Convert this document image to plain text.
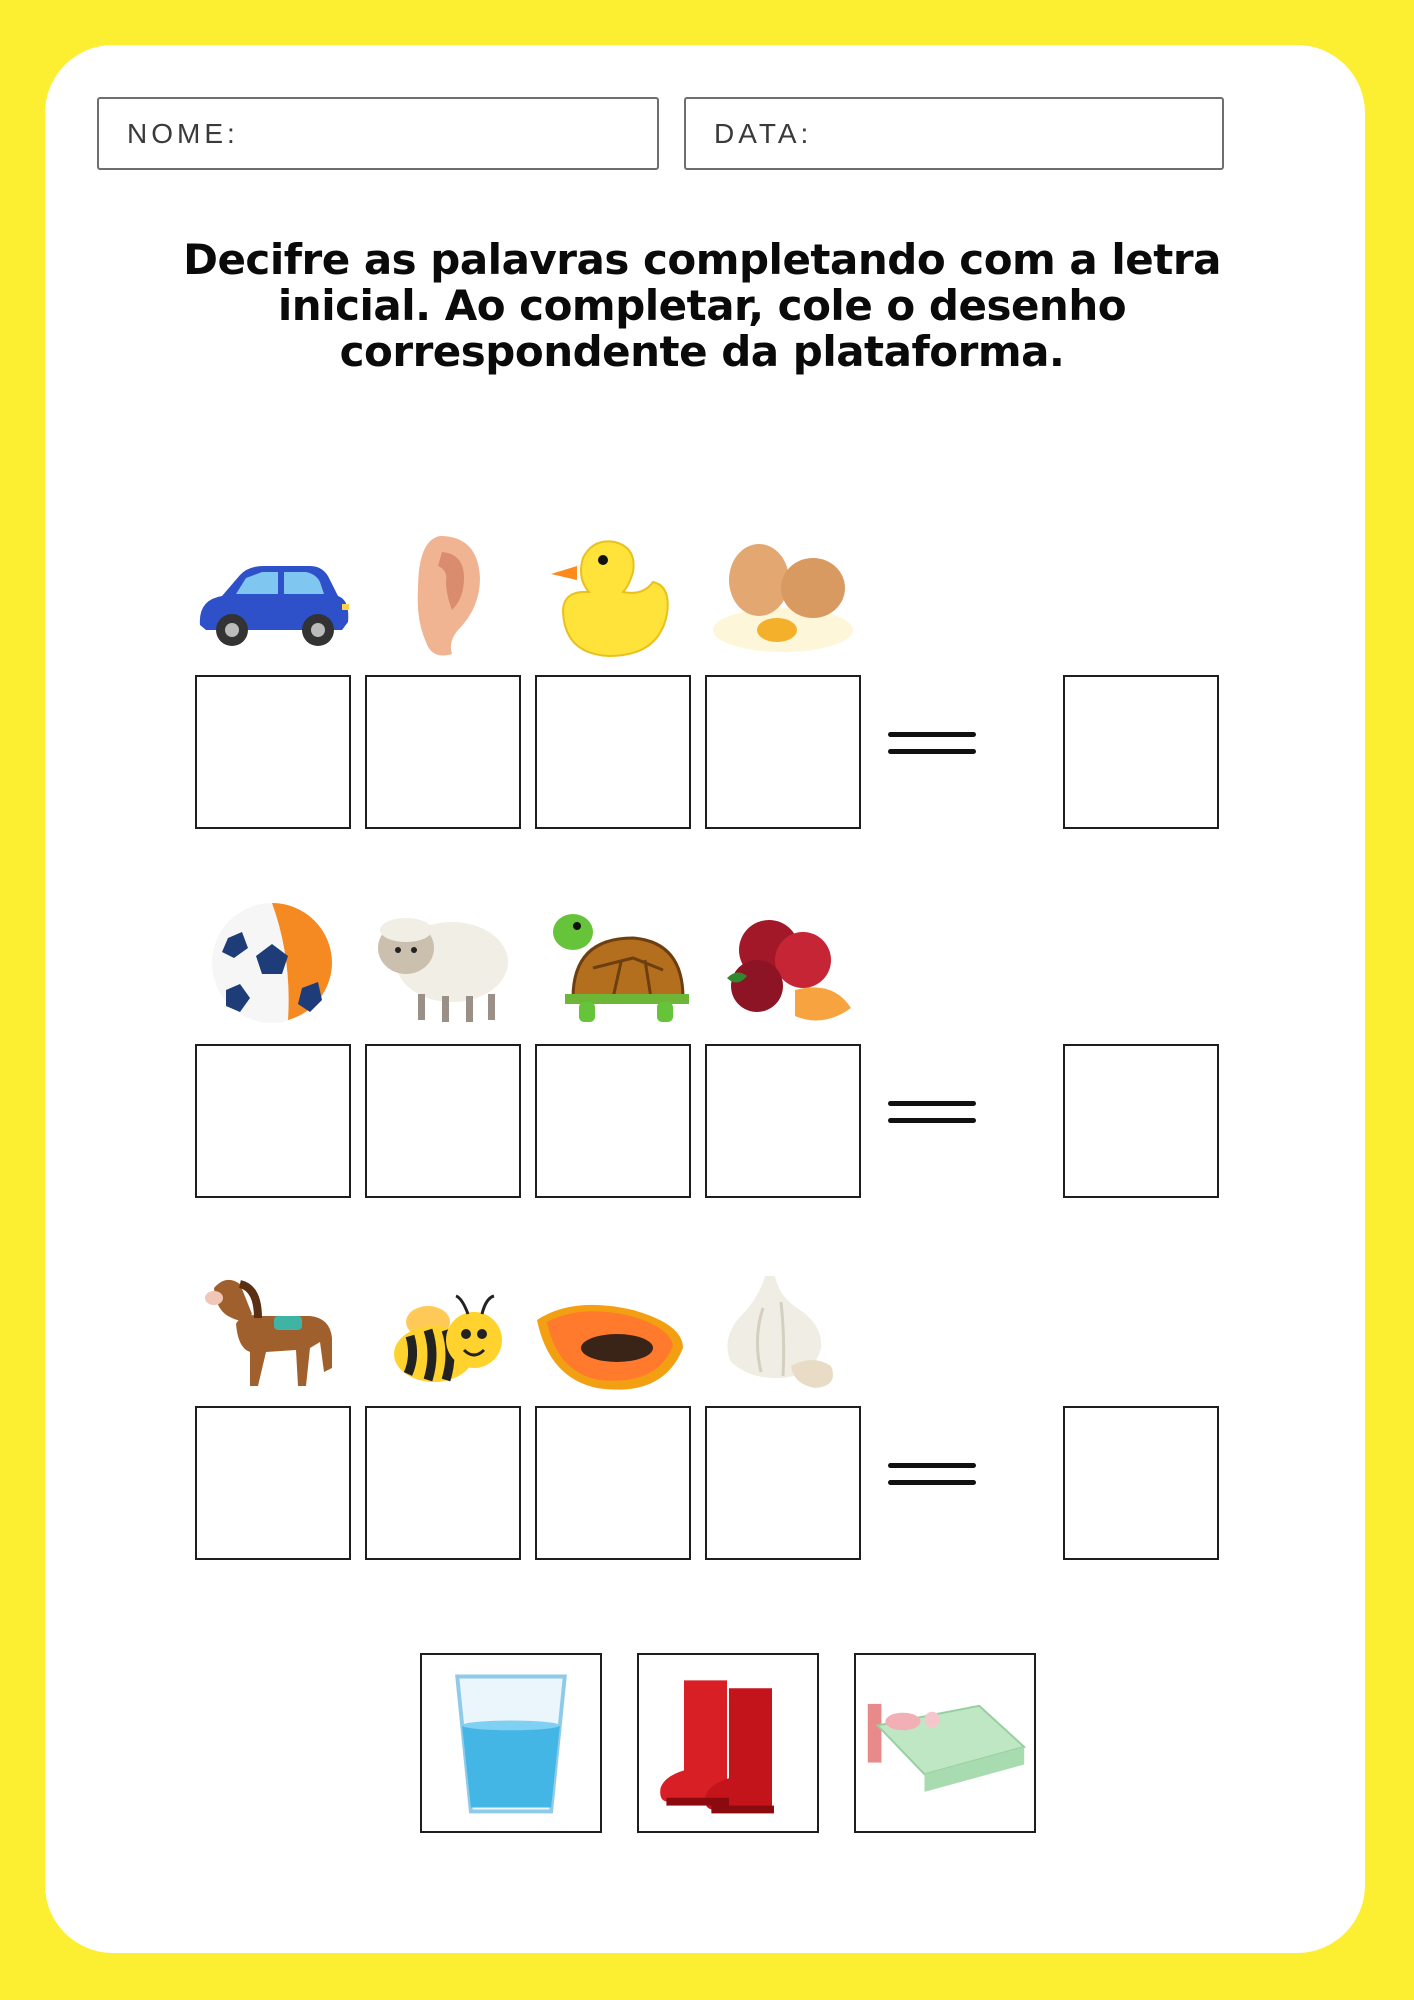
NOME:	DATA:
Decifre as palavras completando com a letra inicial. Ao completar, cole o desenho correspondente da plataforma.
